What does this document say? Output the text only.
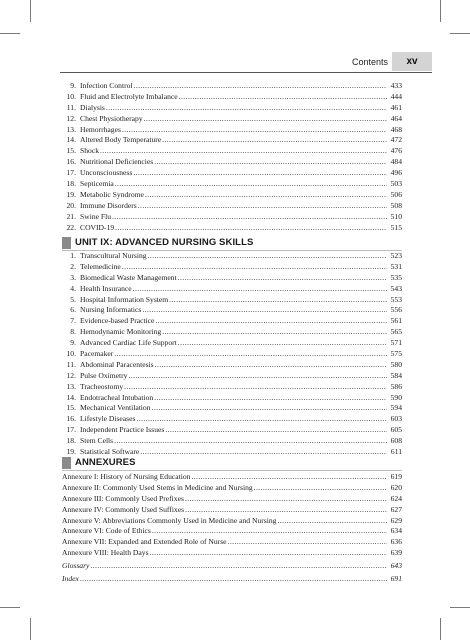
Contents	xv
9. Infection Control .....	433
10. Fluid and Electrolyte Imbalance .....	444
11. Dialysis .....	461
12. Chest Physiotherapy .....	464
13. Hemorrhages .....	468
14. Altered Body Temperature .....	472
15. Shock .....	476
16. Nutritional Deficiencies .....	484
17. Unconsciousness .....	496
18. Septicemia .....	503
19. Metabolic Syndrome .....	506
20. Immune Disorders .....	508
21. Swine Flu .....	510
22. COVID-19 .....	515
UNIT IX: ADVANCED NURSING SKILLS
1. Transcultural Nursing .....	523
2. Telemedicine .....	531
3. Biomedical Waste Management .....	535
4. Health Insurance .....	543
5. Hospital Information System .....	553
6. Nursing Informatics .....	556
7. Evidence-based Practice .....	561
8. Hemodynamic Monitoring .....	565
9. Advanced Cardiac Life Support .....	571
10. Pacemaker .....	575
11. Abdominal Paracentesis .....	580
12. Pulse Oximetry .....	584
13. Tracheostomy .....	586
14. Endotracheal Intubation .....	590
15. Mechanical Ventilation .....	594
16. Lifestyle Diseases .....	603
17. Independent Practice Issues .....	605
18. Stem Cells .....	608
19. Statistical Software .....	611
ANNEXURES
Annexure I: History of Nursing Education .....	619
Annexure II: Commonly Used Stems in Medicine and Nursing .....	620
Annexure III: Commonly Used Prefixes .....	624
Annexure IV: Commonly Used Suffixes .....	627
Annexure V: Abbreviations Commonly Used in Medicine and Nursing .....	629
Annexure VI: Code of Ethics .....	634
Annexure VII: Expanded and Extended Role of Nurse .....	636
Annexure VIII: Health Days .....	639
Glossary .....	643
Index .....	691
